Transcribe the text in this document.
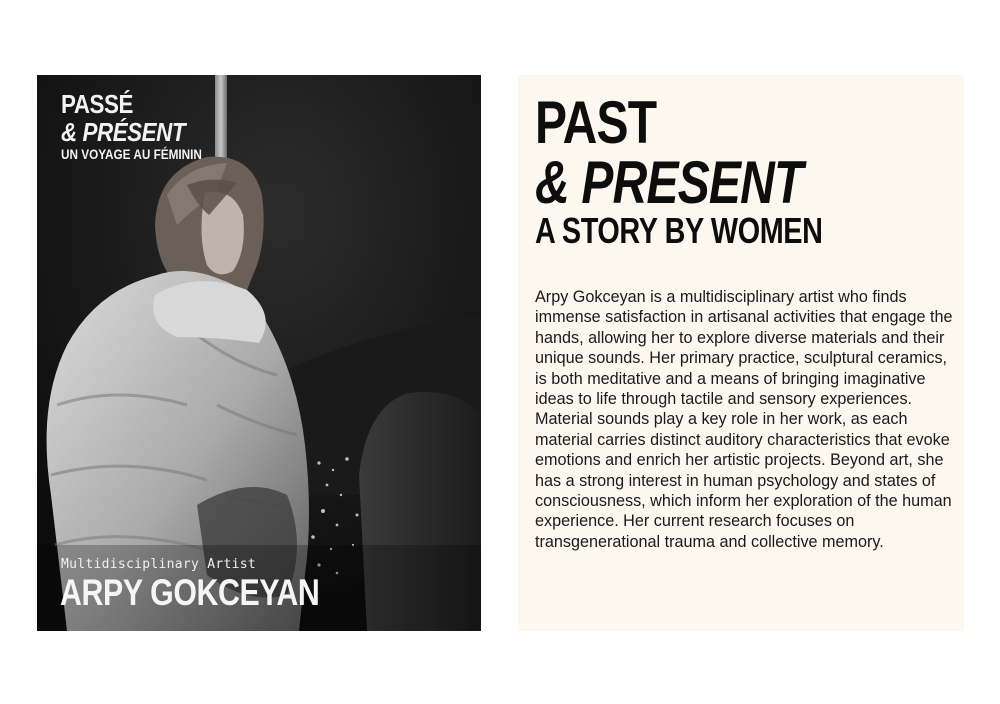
PASSÉ
& PRÉSENT
UN VOYAGE AU FÉMININ
Multidisciplinary Artist
ARPY GOKCEYAN
PAST
& PRESENT
A STORY BY WOMEN

Arpy Gokceyan is a multidisciplinary artist who finds immense satisfaction in artisanal activities that engage the hands, allowing her to explore diverse materials and their unique sounds. Her primary practice, sculptural ceramics, is both meditative and a means of bringing imaginative ideas to life through tactile and sensory experiences. Material sounds play a key role in her work, as each material carries distinct auditory characteristics that evoke emotions and enrich her artistic projects. Beyond art, she has a strong interest in human psychology and states of consciousness, which inform her exploration of the human experience. Her current research focuses on transgenerational trauma and collective memory.
